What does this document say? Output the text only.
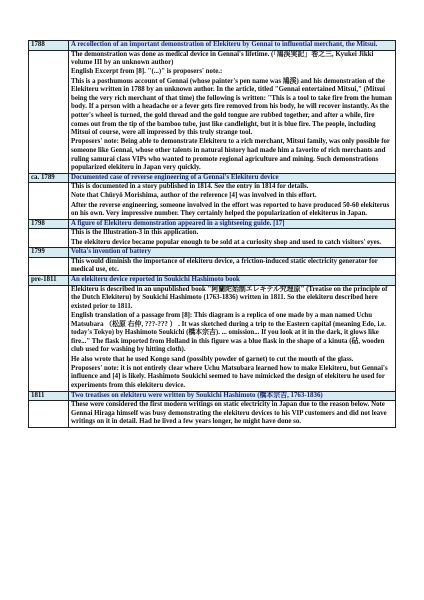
1788	A recollection of an important demonstration of Elekiteru by Gennai to influential merchant, the Mitsui.

	The demonstration was done as medical device in Gennai's lifetime. (「鳩渓実記」巻之三, Kyukei Jikki volume III by an unknown author)

English Excerpt from [8]. "(...)" is proposers' note.:

This is a posthumous account of Gennai (whose painter's pen name was 鳩渓) and his demonstration of the Elekiteru written in 1788 by an unknown author. In the article, titled "Gennai entertained Mitsui," (Mitsui being the very rich merchant of that time) the following is written: "This is a tool to take fire from the human body. If a person with a headache or a fever gets fire removed from his body, he will recover instantly. As the potter's wheel is turned, the gold thread and the gold tongue are rubbed together, and after a while, fire comes out from the tip of the bamboo tube, just like candlelight, but it is blue fire. The people, including Mitsui of course, were all impressed by this truly strange tool.

Proposers' note: Being able to demonstrate Elekiteru to a rich merchant, Mitsui family, was only possible for someone like Gennai, whose other talents in natural history had made him a favorite of rich merchants and ruling samurai class VIPs who wanted to promote regional agriculture and mining. Such demonstrations popularized elekiteru in Japan very quickly.

ca. 1789	Documented case of reverse engineering of a Gennai's Elekiteru device

	This is documented in a story published in 1814. See the entry in 1814 for details.

Note that Chūryō Morishima, author of the reference [4] was involved in this effort.

After the reverse engineering, someone involved in the effort was reported to have produced 50-60 elekiterus on his own. Very impressive number. They certainly helped the popularization of elekiterus in Japan.

1798	A figure of Elekiteru demonstration appeared in a sightseeing guide. [17]

	This is the Illustration-3 in this application.

The elekiteru device became popular enough to be sold at a curiosity shop and used to catch visitors' eyes.

1799	Volta's invention of battery

	This would diminish the importance of elekiteru device, a friction-induced static electricity generator for medical use, etc.

pre-1811	An elekiteru device reported in Soukichi Hashimoto book

	Elekiteru is described in an unpublished book "阿蘭陀始制エレキテル究理原" (Treatise on the principle of the Dutch Elekiteru) by Soukichi Hashimoto (1763-1836) written in 1811. So the elekiteru described here existed prior to 1811.

English translation of a passage from [8]: This diagram is a replica of one made by a man named Uchu Matsubara （松原 右仲, ???-??? ） . It was sketched during a trip to the Eastern capital (meaning Edo, i.e. today's Tokyo) by Hashimoto Soukichi (橋本宗吉). ... omission... If you look at it in the dark, it glows like fire..." The flask imported from Holland in this figure was a blue flask in the shape of a kinuta (砧, wooden club used for washing by hitting cloth).

He also wrote that he used Kongo sand (possibly powder of garnet) to cut the mouth of the glass.

Proposers' note: it is not entirely clear where Uchu Matsubara learned how to make Elekiteru, but Gennai's influence and [4] is likely. Hashimoto Soukichi seemed to have mimicked the design of elekiteru he used for experiments from this elekiteru device.

1811	Two treatises on elekiteru were written by Soukichi Hashimoto (橋本宗吉, 1763-1836)

	These were considered the first modern writings on static electricity in Japan due to the reason below. Note Gennai Hiraga himself was busy demonstrating the elekiteru devices to his VIP customers and did not leave writings on it in detail. Had he lived a few years longer, he might have done so.
